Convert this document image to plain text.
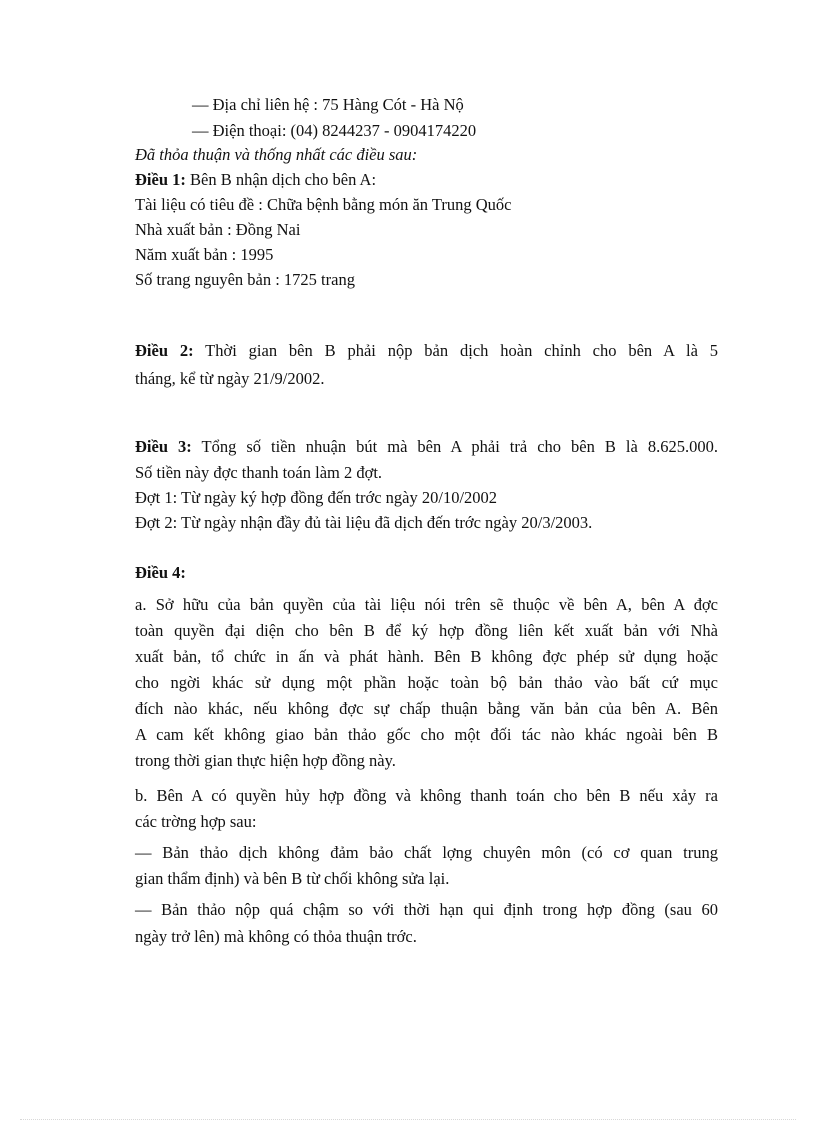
— Địa chỉ liên hệ : 75 Hàng Cót - Hà Nộ
— Điện thoại: (04) 8244237 - 0904174220
Đã thỏa thuận và thống nhất các điều sau:
Điều 1: Bên B nhận dịch cho bên A:
Tài liệu có tiêu đề : Chữa bệnh bằng món ăn Trung Quốc
Nhà xuất bản : Đồng Nai
Năm xuất bản : 1995
Số trang nguyên bản : 1725 trang
Điều 2: Thời gian bên B phải nộp bản dịch hoàn chỉnh cho bên A là 5
tháng, kể từ ngày 21/9/2002.
Điều 3: Tổng số tiền nhuận bút mà bên A phải trả cho bên B là 8.625.000.
Số tiền này đợc thanh toán làm 2 đợt.
Đợt 1: Từ ngày ký hợp đồng đến trớc ngày 20/10/2002
Đợt 2: Từ ngày nhận đầy đủ tài liệu đã dịch đến trớc ngày 20/3/2003.
Điều 4:
a. Sở hữu của bản quyền của tài liệu nói trên sẽ thuộc về bên A, bên A đợc
toàn quyền đại diện cho bên B để ký hợp đồng liên kết xuất bản với Nhà
xuất bản, tổ chức in ấn và phát hành. Bên B không đợc phép sử dụng hoặc
cho ngời khác sử dụng một phần hoặc toàn bộ bản thảo vào bất cứ mục
đích nào khác, nếu không đợc sự chấp thuận bằng văn bản của bên A. Bên
A cam kết không giao bản thảo gốc cho một đối tác nào khác ngoài bên B
trong thời gian thực hiện hợp đồng này.
b. Bên A có quyền hủy hợp đồng và không thanh toán cho bên B nếu xảy ra
các trờng hợp sau:
— Bản thảo dịch không đảm bảo chất lợng chuyên môn (có cơ quan trung
gian thẩm định) và bên B từ chối không sửa lại.
— Bản thảo nộp quá chậm so với thời hạn qui định trong hợp đồng (sau 60
ngày trở lên) mà không có thỏa thuận trớc.
